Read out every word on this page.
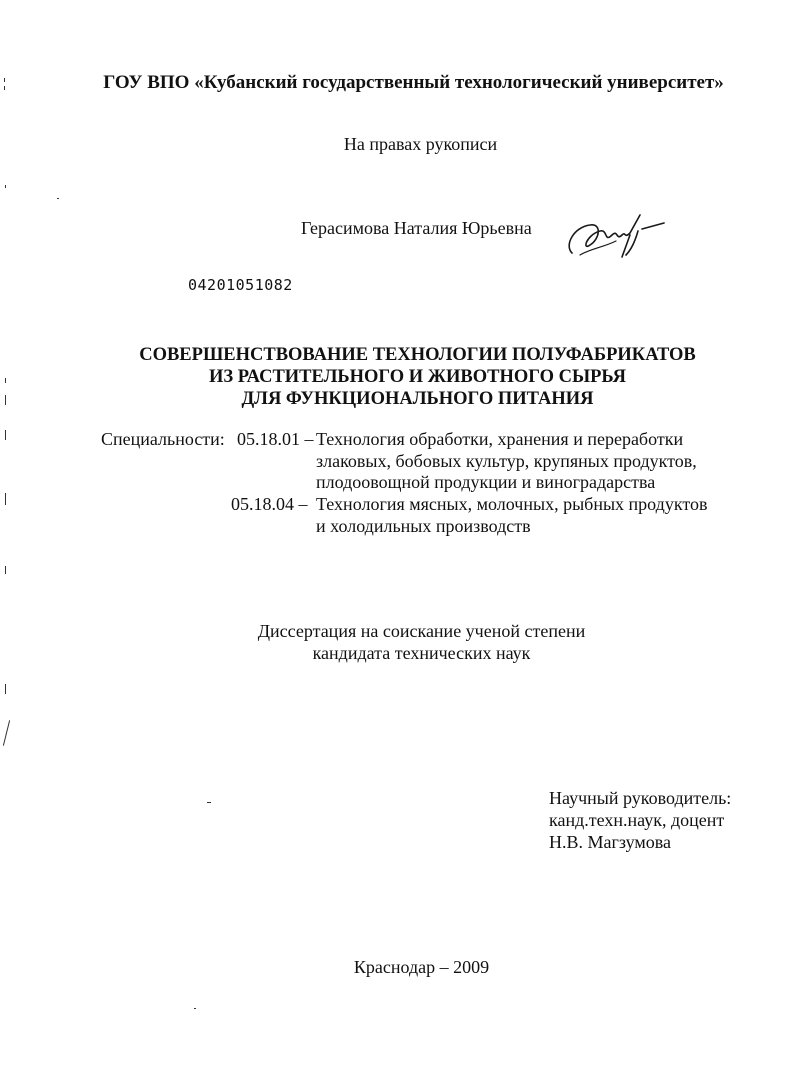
ГОУ ВПО «Кубанский государственный технологический университет»
На правах рукописи
Герасимова Наталия Юрьевна
04201051082
СОВЕРШЕНСТВОВАНИЕ ТЕХНОЛОГИИ ПОЛУФАБРИКАТОВ
ИЗ РАСТИТЕЛЬНОГО И ЖИВОТНОГО СЫРЬЯ
ДЛЯ ФУНКЦИОНАЛЬНОГО ПИТАНИЯ
Специальности: 05.18.01 – Технология обработки, хранения и переработки
злаковых, бобовых культур, крупяных продуктов,
плодоовощной продукции и виноградарства
05.18.04 – Технология мясных, молочных, рыбных продуктов
и холодильных производств
Диссертация на соискание ученой степени
кандидата технических наук
Научный руководитель:
канд.техн.наук, доцент
Н.В. Магзумова
Краснодар – 2009
